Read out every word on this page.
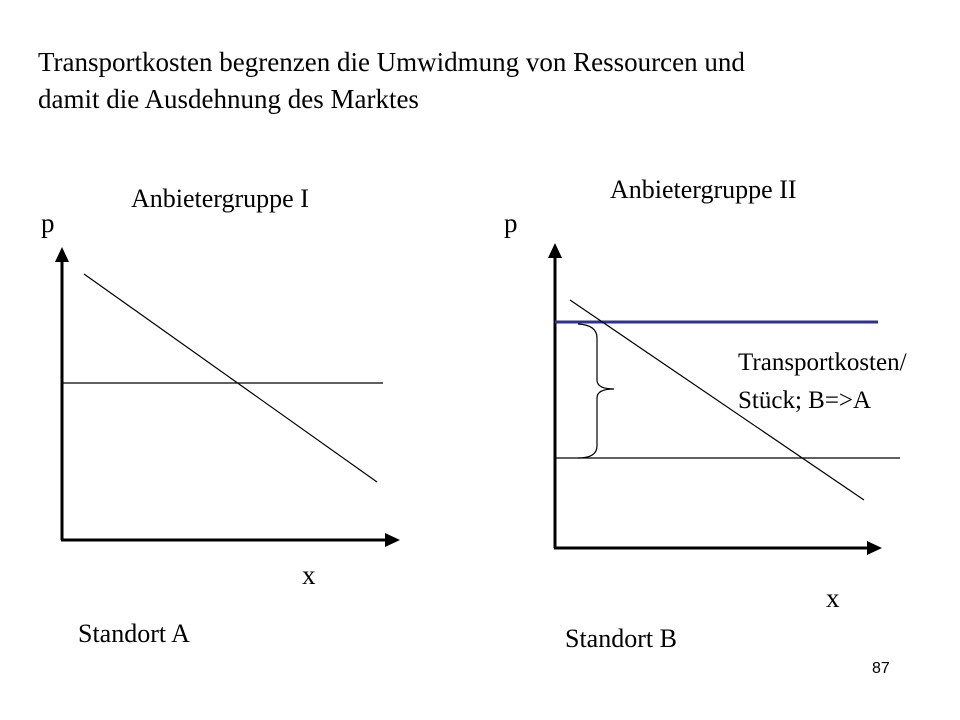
Transportkosten begrenzen die Umwidmung von Ressourcen und
damit die Ausdehnung des Marktes
Anbietergruppe I
p
x
Standort A
Anbietergruppe II
p
x
Standort B
Transportkosten/
Stück; B=>A
87
